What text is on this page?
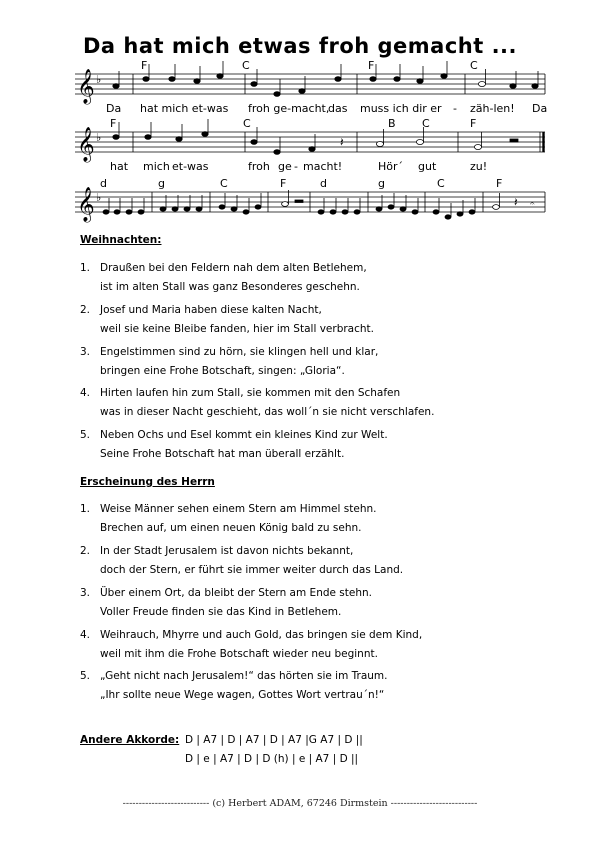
Da hat mich etwas froh gemacht ...
𝄞 ♭
F	C	F	C
Da hat mich et-was froh ge-macht,
das muss ich dir er - zäh-len! Da
𝄞 ♭
F	C	B C	F
𝄽
hat mich et-was	froh ge - macht!	Hör´ gut	zu!
𝄞 ♭
d	g	C	F	d	g	C	F
𝄽 𝄐
Weihnachten:
1. Draußen bei den Feldern nah dem alten Betlehem,
ist im alten Stall was ganz Besonderes geschehn.
2. Josef und Maria haben diese kalten Nacht,
weil sie keine Bleibe fanden, hier im Stall verbracht.
3. Engelstimmen sind zu hörn, sie klingen hell und klar,
bringen eine Frohe Botschaft, singen: „Gloria“.
4. Hirten laufen hin zum Stall, sie kommen mit den Schafen
was in dieser Nacht geschieht, das woll´n sie nicht verschlafen.
5. Neben Ochs und Esel kommt ein kleines Kind zur Welt.
Seine Frohe Botschaft hat man überall erzählt.
Erscheinung des Herrn
1. Weise Männer sehen einem Stern am Himmel stehn.
Brechen auf, um einen neuen König bald zu sehn.
2. In der Stadt Jerusalem ist davon nichts bekannt,
doch der Stern, er führt sie immer weiter durch das Land.
3. Über einem Ort, da bleibt der Stern am Ende stehn.
Voller Freude finden sie das Kind in Betlehem.
4. Weihrauch, Mhyrre und auch Gold, das bringen sie dem Kind,
weil mit ihm die Frohe Botschaft wieder neu beginnt.
5. „Geht nicht nach Jerusalem!“ das hörten sie im Traum.
„Ihr sollte neue Wege wagen, Gottes Wort vertrau´n!“
Andere Akkorde: D | A7 | D | A7 | D | A7 |G A7 | D ||
D | e | A7 | D | D (h) | e | A7 | D ||
--------------------------- (c) Herbert ADAM, 67246 Dirmstein ---------------------------
